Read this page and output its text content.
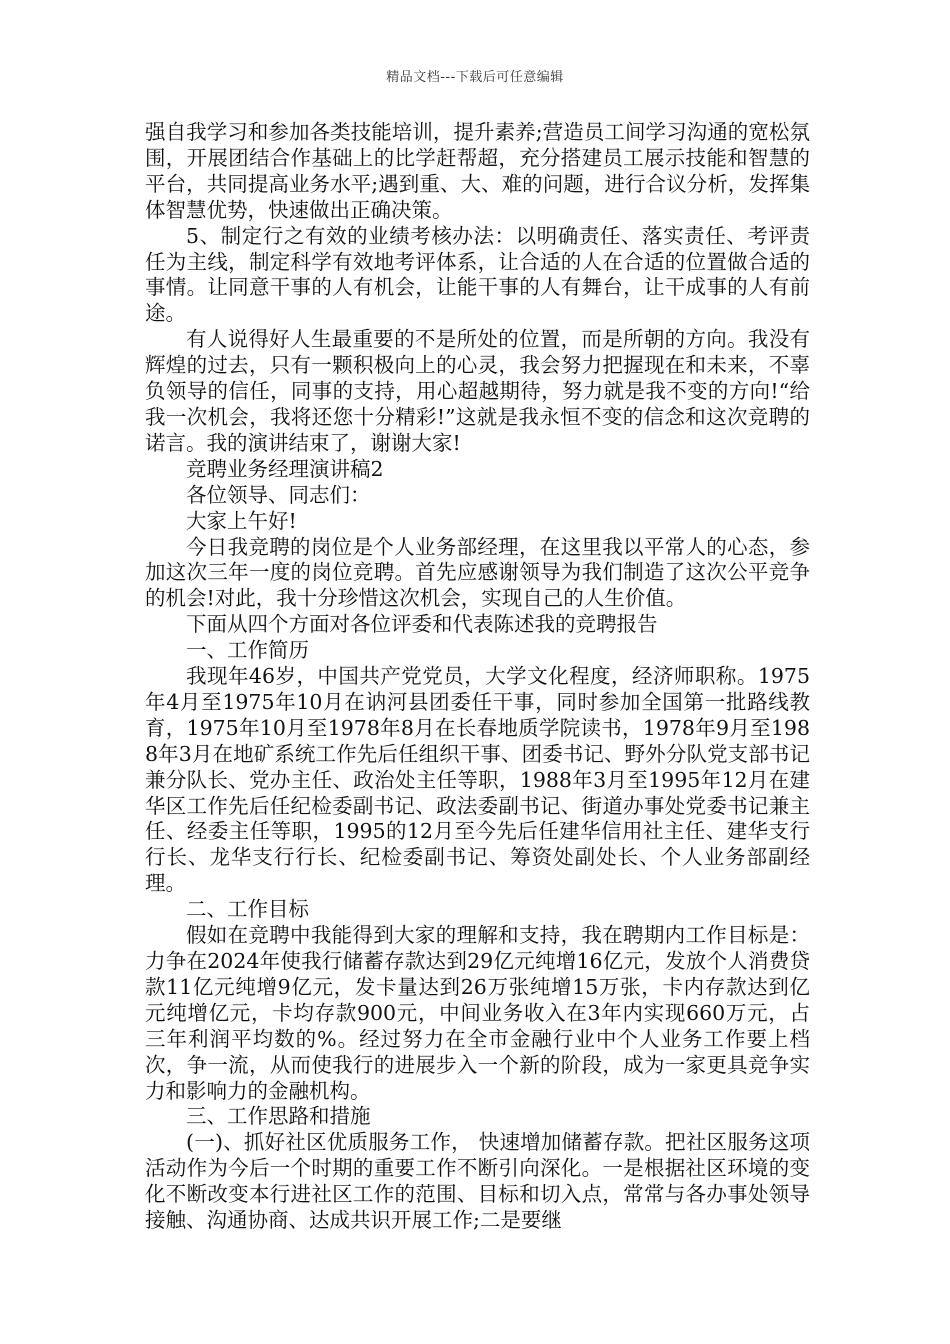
精品文档---下载后可任意编辑

强自我学习和参加各类技能培训，提升素养;营造员工间学习沟通的宽松氛围，开展团结合作基础上的比学赶帮超，充分搭建员工展示技能和智慧的平台，共同提高业务水平;遇到重、大、难的问题，进行合议分析，发挥集体智慧优势，快速做出正确决策。

5、制定行之有效的业绩考核办法：以明确责任、落实责任、考评责任为主线，制定科学有效地考评体系，让合适的人在合适的位置做合适的事情。让同意干事的人有机会，让能干事的人有舞台，让干成事的人有前途。

有人说得好人生最重要的不是所处的位置，而是所朝的方向。我没有辉煌的过去，只有一颗积极向上的心灵，我会努力把握现在和未来，不辜负领导的信任，同事的支持，用心超越期待，努力就是我不变的方向!“给我一次机会，我将还您十分精彩!”这就是我永恒不变的信念和这次竞聘的诺言。我的演讲结束了，谢谢大家!

竞聘业务经理演讲稿2

各位领导、同志们：

大家上午好!

今日我竞聘的岗位是个人业务部经理，在这里我以平常人的心态，参加这次三年一度的岗位竞聘。首先应感谢领导为我们制造了这次公平竞争的机会!对此，我十分珍惜这次机会，实现自己的人生价值。

下面从四个方面对各位评委和代表陈述我的竞聘报告

一、工作简历

我现年46岁，中国共产党党员，大学文化程度，经济师职称。1975年4月至1975年10月在讷河县团委任干事，同时参加全国第一批路线教育，1975年10月至1978年8月在长春地质学院读书，1978年9月至1988年3月在地矿系统工作先后任组织干事、团委书记、野外分队党支部书记兼分队长、党办主任、政治处主任等职，1988年3月至1995年12月在建华区工作先后任纪检委副书记、政法委副书记、街道办事处党委书记兼主任、经委主任等职，1995的12月至今先后任建华信用社主任、建华支行行长、龙华支行行长、纪检委副书记、筹资处副处长、个人业务部副经理。

二、工作目标

假如在竞聘中我能得到大家的理解和支持，我在聘期内工作目标是： 力争在2024年使我行储蓄存款达到29亿元纯增16亿元，发放个人消费贷款11亿元纯增9亿元，发卡量达到26万张纯增15万张，卡内存款达到亿元纯增亿元，卡均存款900元，中间业务收入在3年内实现660万元，占三年利润平均数的%。经过努力在全市金融行业中个人业务工作要上档次，争一流，从而使我行的进展步入一个新的阶段，成为一家更具竞争实力和影响力的金融机构。

三、工作思路和措施

(一)、抓好社区优质服务工作， 快速增加储蓄存款。把社区服务这项活动作为今后一个时期的重要工作不断引向深化。一是根据社区环境的变化不断改变本行进社区工作的范围、目标和切入点，常常与各办事处领导接触、沟通协商、达成共识开展工作;二是要继
